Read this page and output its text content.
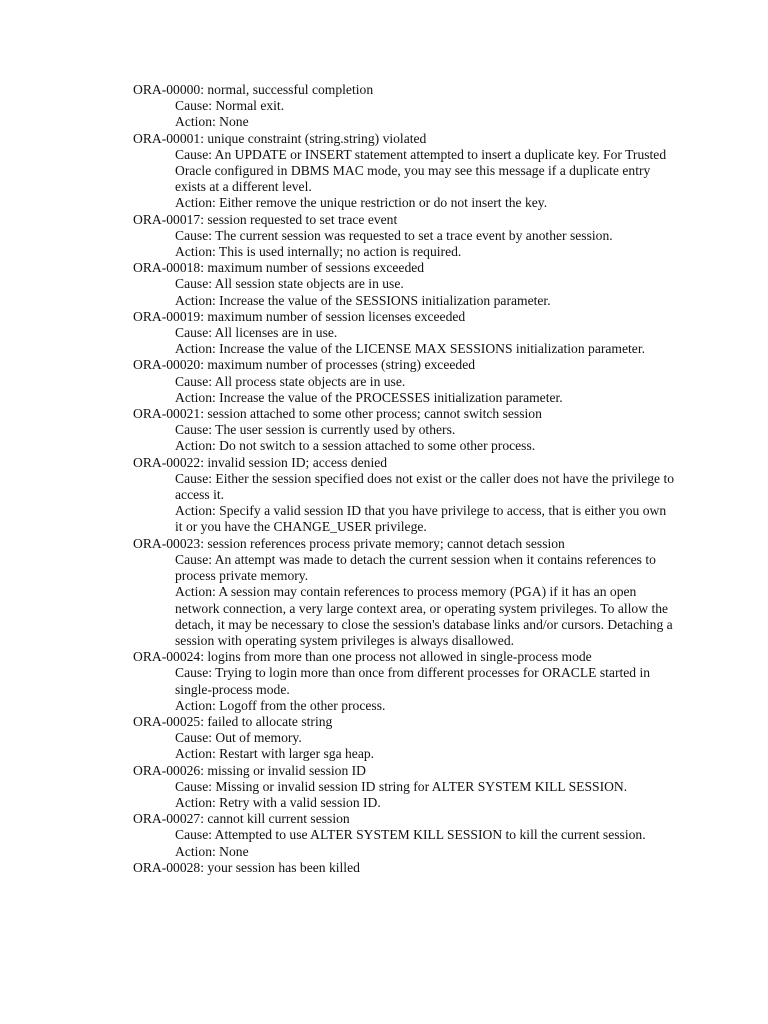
ORA-00000: normal, successful completion
Cause: Normal exit.
Action: None
ORA-00001: unique constraint (string.string) violated
Cause: An UPDATE or INSERT statement attempted to insert a duplicate key. For Trusted Oracle configured in DBMS MAC mode, you may see this message if a duplicate entry exists at a different level.
Action: Either remove the unique restriction or do not insert the key.
ORA-00017: session requested to set trace event
Cause: The current session was requested to set a trace event by another session.
Action: This is used internally; no action is required.
ORA-00018: maximum number of sessions exceeded
Cause: All session state objects are in use.
Action: Increase the value of the SESSIONS initialization parameter.
ORA-00019: maximum number of session licenses exceeded
Cause: All licenses are in use.
Action: Increase the value of the LICENSE MAX SESSIONS initialization parameter.
ORA-00020: maximum number of processes (string) exceeded
Cause: All process state objects are in use.
Action: Increase the value of the PROCESSES initialization parameter.
ORA-00021: session attached to some other process; cannot switch session
Cause: The user session is currently used by others.
Action: Do not switch to a session attached to some other process.
ORA-00022: invalid session ID; access denied
Cause: Either the session specified does not exist or the caller does not have the privilege to access it.
Action: Specify a valid session ID that you have privilege to access, that is either you own it or you have the CHANGE_USER privilege.
ORA-00023: session references process private memory; cannot detach session
Cause: An attempt was made to detach the current session when it contains references to process private memory.
Action: A session may contain references to process memory (PGA) if it has an open network connection, a very large context area, or operating system privileges. To allow the detach, it may be necessary to close the session's database links and/or cursors. Detaching a session with operating system privileges is always disallowed.
ORA-00024: logins from more than one process not allowed in single-process mode
Cause: Trying to login more than once from different processes for ORACLE started in single-process mode.
Action: Logoff from the other process.
ORA-00025: failed to allocate string
Cause: Out of memory.
Action: Restart with larger sga heap.
ORA-00026: missing or invalid session ID
Cause: Missing or invalid session ID string for ALTER SYSTEM KILL SESSION.
Action: Retry with a valid session ID.
ORA-00027: cannot kill current session
Cause: Attempted to use ALTER SYSTEM KILL SESSION to kill the current session.
Action: None
ORA-00028: your session has been killed
